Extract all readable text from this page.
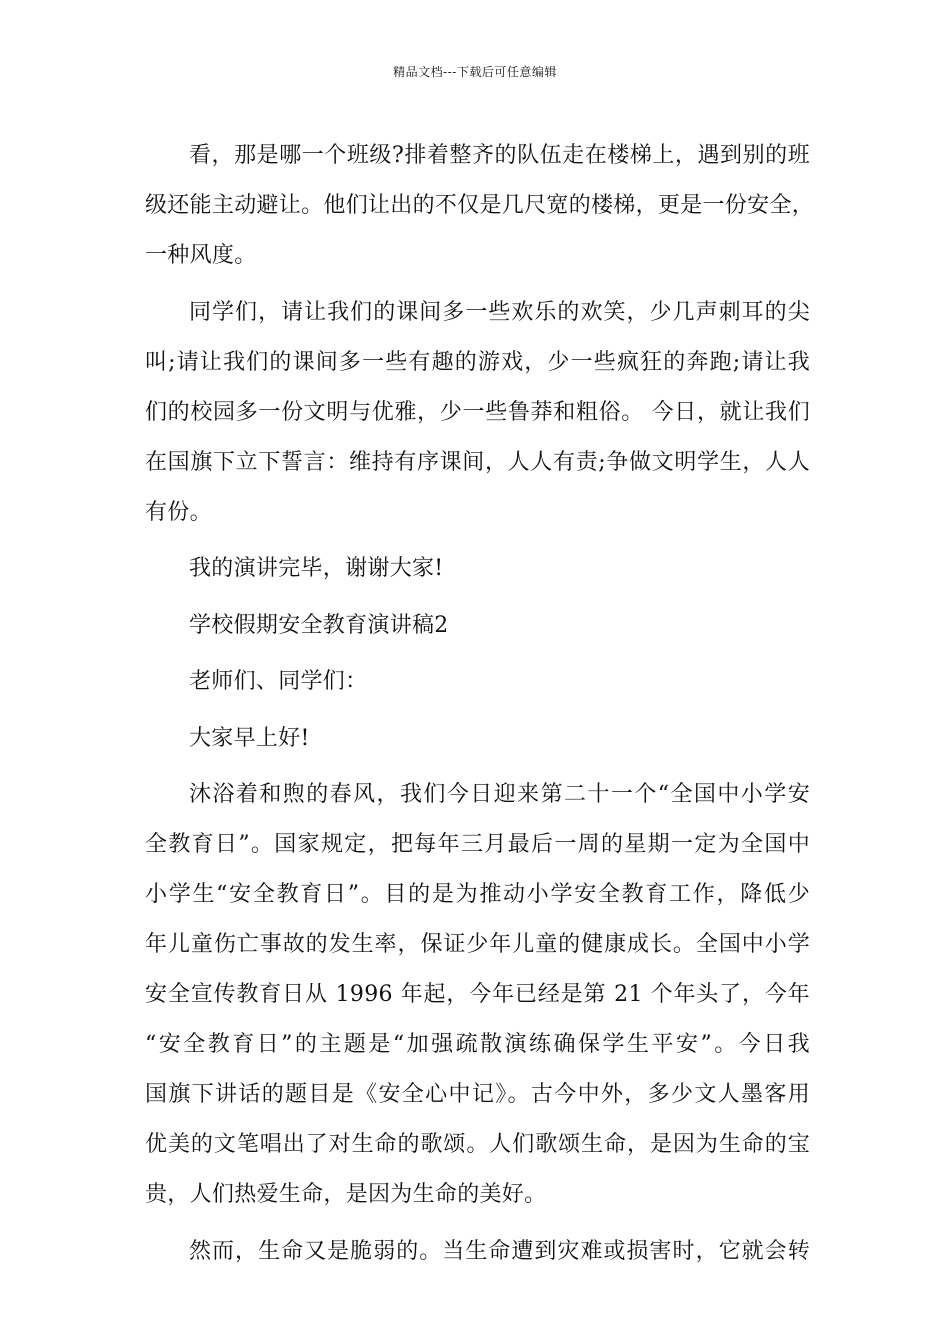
精品文档---下载后可任意编辑
看，那是哪一个班级?排着整齐的队伍走在楼梯上，遇到别的班
级还能主动避让。他们让出的不仅是几尺宽的楼梯，更是一份安全，
一种风度。
同学们，请让我们的课间多一些欢乐的欢笑，少几声刺耳的尖
叫;请让我们的课间多一些有趣的游戏，少一些疯狂的奔跑;请让我
们的校园多一份文明与优雅，少一些鲁莽和粗俗。 今日，就让我们
在国旗下立下誓言：维持有序课间，人人有责;争做文明学生，人人
有份。
我的演讲完毕，谢谢大家!
学校假期安全教育演讲稿2
老师们、同学们：
大家早上好!
沐浴着和煦的春风，我们今日迎来第二十一个“全国中小学安
全教育日”。国家规定，把每年三月最后一周的星期一定为全国中
小学生“安全教育日”。目的是为推动小学安全教育工作，降低少
年儿童伤亡事故的发生率，保证少年儿童的健康成长。全国中小学
安全宣传教育日从 1996 年起，今年已经是第 21 个年头了，今年
“安全教育日”的主题是“加强疏散演练确保学生平安”。今日我
国旗下讲话的题目是《安全心中记》。古今中外，多少文人墨客用
优美的文笔唱出了对生命的歌颂。人们歌颂生命，是因为生命的宝
贵，人们热爱生命，是因为生命的美好。
然而，生命又是脆弱的。当生命遭到灾难或损害时，它就会转
